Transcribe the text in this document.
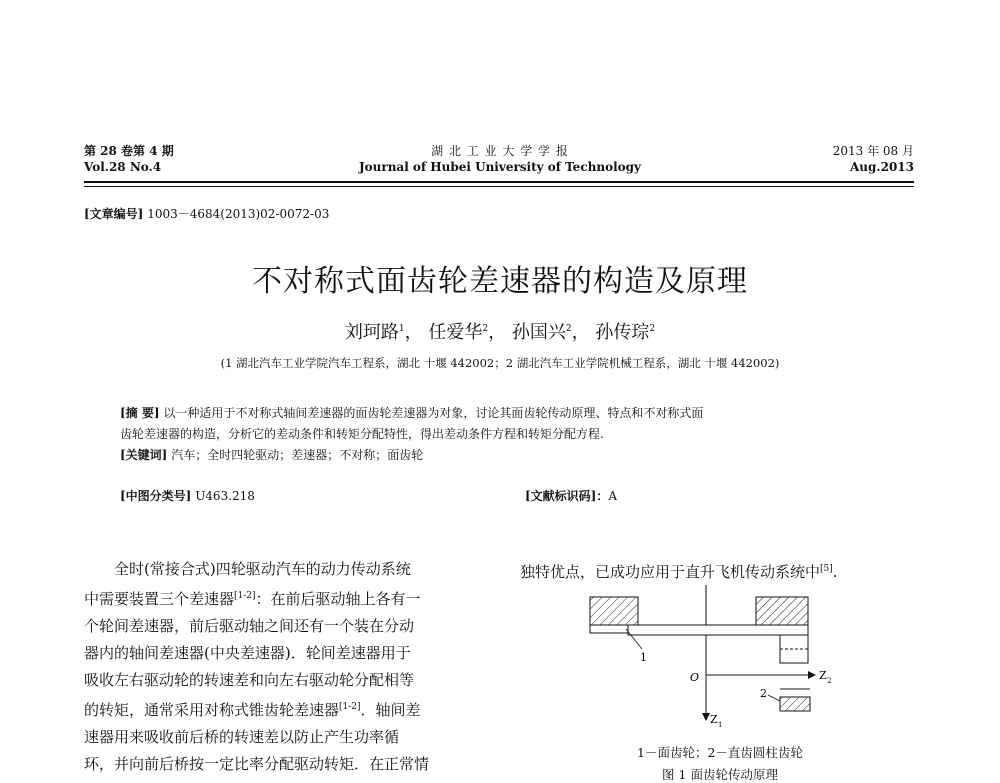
第 28 卷第 4 期
Vol.28 No.4
湖 北 工 业 大 学 学 报
Journal of Hubei University of Technology
2013 年 08 月
Aug.2013
[文章编号] 1003－4684(2013)02-0072-03
不对称式面齿轮差速器的构造及原理
刘珂路$^1$， 任爱华$^2$， 孙国兴$^2$， 孙传琮$^2$
(1 湖北汽车工业学院汽车工程系，湖北 十堰 442002；2 湖北汽车工业学院机械工程系，湖北 十堰 442002)
[摘 要] 以一种适用于不对称式轴间差速器的面齿轮差速器为对象，讨论其面齿轮传动原理、特点和不对称式面
齿轮差速器的构造，分析它的差动条件和转矩分配特性，得出差动条件方程和转矩分配方程.
[关键词] 汽车；全时四轮驱动；差速器；不对称；面齿轮
[中图分类号] U463.218	[文献标识码]：A
全时(常接合式)四轮驱动汽车的动力传动系统
中需要装置三个差速器[1-2]：在前后驱动轴上各有一
个轮间差速器，前后驱动轴之间还有一个装在分动
器内的轴间差速器(中央差速器)．轮间差速器用于
吸收左右驱动轮的转速差和向左右驱动轮分配相等
的转矩，通常采用对称式锥齿轮差速器[1-2]．轴间差
速器用来吸收前后桥的转速差以防止产生功率循
环，并向前后桥按一定比率分配驱动转矩．在正常情
独特优点，已成功应用于直升飞机传动系统中[5].
1
2
O	Z 2
Z 1
1－面齿轮；2－直齿圆柱齿轮
图 1 面齿轮传动原理
